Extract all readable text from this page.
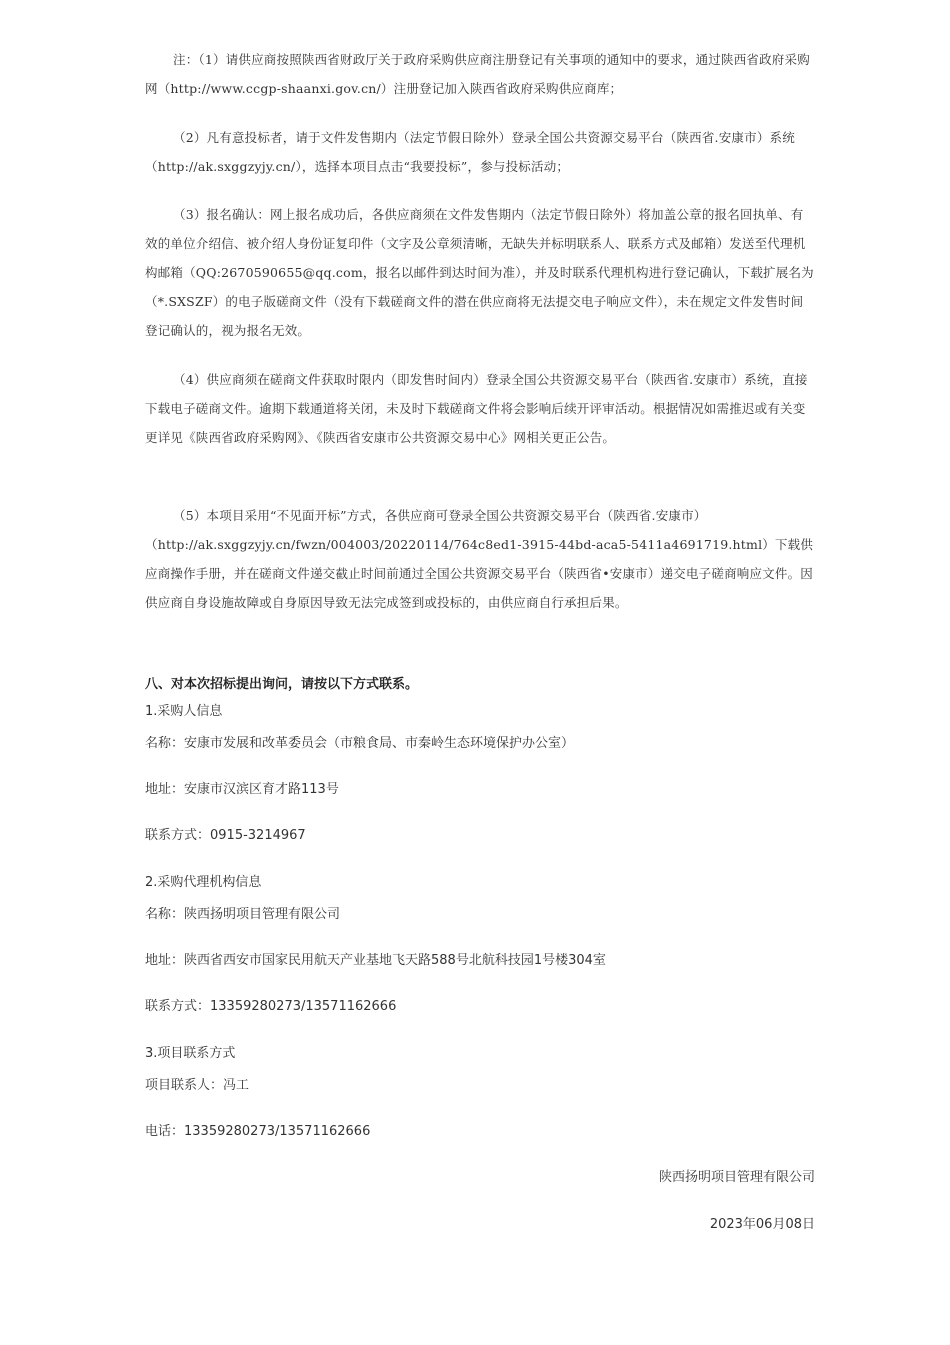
注：（1）请供应商按照陕西省财政厅关于政府采购供应商注册登记有关事项的通知中的要求，通过陕西省政府采购网（http://www.ccgp-shaanxi.gov.cn/）注册登记加入陕西省政府采购供应商库；

（2）凡有意投标者，请于文件发售期内（法定节假日除外）登录全国公共资源交易平台（陕西省.安康市）系统（http://ak.sxggzyjy.cn/），选择本项目点击“我要投标”，参与投标活动；

（3）报名确认：网上报名成功后，各供应商须在文件发售期内（法定节假日除外）将加盖公章的报名回执单、有效的单位介绍信、被介绍人身份证复印件（文字及公章须清晰，无缺失并标明联系人、联系方式及邮箱）发送至代理机构邮箱（QQ:2670590655@qq.com，报名以邮件到达时间为准），并及时联系代理机构进行登记确认，下载扩展名为（*.SXSZF）的电子版磋商文件（没有下载磋商文件的潜在供应商将无法提交电子响应文件），未在规定文件发售时间登记确认的，视为报名无效。

（4）供应商须在磋商文件获取时限内（即发售时间内）登录全国公共资源交易平台（陕西省.安康市）系统，直接下载电子磋商文件。逾期下载通道将关闭，未及时下载磋商文件将会影响后续开评审活动。根据情况如需推迟或有关变更详见《陕西省政府采购网》、《陕西省安康市公共资源交易中心》网相关更正公告。

（5）本项目采用“不见面开标”方式，各供应商可登录全国公共资源交易平台（陕西省.安康市）（http://ak.sxggzyjy.cn/fwzn/004003/20220114/764c8ed1-3915-44bd-aca5-5411a4691719.html）下载供应商操作手册，并在磋商文件递交截止时间前通过全国公共资源交易平台（陕西省•安康市）递交电子磋商响应文件。因供应商自身设施故障或自身原因导致无法完成签到或投标的，由供应商自行承担后果。

八、对本次招标提出询问，请按以下方式联系。

1.采购人信息

名称：安康市发展和改革委员会（市粮食局、市秦岭生态环境保护办公室）

地址：安康市汉滨区育才路113号

联系方式：0915-3214967

2.采购代理机构信息

名称：陕西扬明项目管理有限公司

地址：陕西省西安市国家民用航天产业基地飞天路588号北航科技园1号楼304室

联系方式：13359280273/13571162666

3.项目联系方式

项目联系人：冯工

电话：13359280273/13571162666

陕西扬明项目管理有限公司

2023年06月08日
